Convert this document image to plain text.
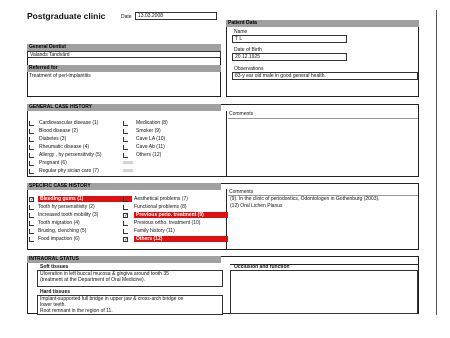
Postgraduate clinic	Date	13.03.2008
General Dentist
Valands Tandvård
Referred for
Treatment of peri-implantitis
Patient Data
Name
T L
Date of Birth
20.12.1925
Observations
83-y ear old male in good general health.
GENERAL CASE HISTORY
Comments
Cardiovascular disease (1)
Blood disease (2)
Diabetes (3)
Rheumatic disease (4)
Allergy , hy persensitivity (5)
Pregnant (6)
Regular phy sician care (7)
Medication (8)
Smoker (9)
Cave LA (10)
Cave Ab (11)
Others (12)
SPECIFIC CASE HISTORY
Comments
(9). In the clinic of periodontics, Odontologen in Gothenburg (2003).
(12) Oral Lichen Planus
✓	Bleeding gums (1)
Tooth hy persensitivity (2)
Increased tooth mobility (3)
Tooth migration (4)
Bruxing, clenching (5)
Food impaction (6)
Aesthetical problems (7)
Functional problems (8)
✓	Previous perio. treatment (9)
Previous ortho. treatment (10)
Family history (11)
✓	Others (12)
INTRAORAL STATUS
Soft tissues
Ulceration in left buccal mucosa & gingiva around tooth 35
(treatment at the Department of Oral Medicine).
Hard tissues
Implant-supported full bridge in upper jaw & cross-arch bridge on
lower teeth.
Root remnant in the region of 11.
Occlusion and function
